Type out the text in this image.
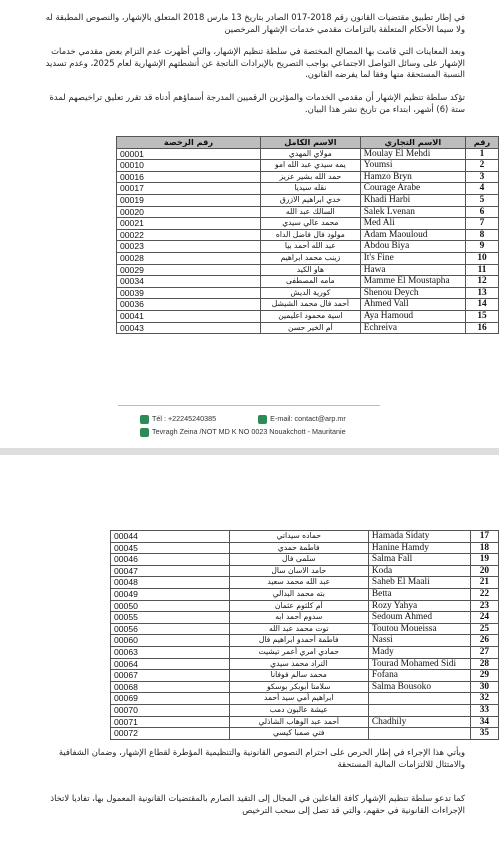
في إطار تطبيق مقتضيات القانون رقم 2018-017 الصادر بتاريخ 13 مارس 2018 المتعلق بالإشهار، والنصوص المطبقة له ولا سيما الأحكام المتعلقة بالتزامات مقدمي خدمات الإشهار المرخصين
وبعد المعاينات التي قامت بها المصالح المختصة في سلطة تنظيم الإشهار، والتي أظهرت عدم التزام بعض مقدمي خدمات الإشهار على وسائل التواصل الاجتماعي بواجب التصريح بالإيرادات الناتجة عن أنشطتهم الإشهارية لعام 2025، وعدم تسديد النسبة المستحقة منها وفقا لما يفرضه القانون.
تؤكد سلطة تنظيم الإشهار أن مقدمي الخدمات والمؤثرين الرقميين المدرجة أسماؤهم أدناه قد تقرر تعليق تراخيصهم لمدة ستة (6) أشهر، ابتداء من تاريخ نشر هذا البيان.
رقم الرخصة	الاسم الكامل	الاسم التجاري	رقم
00001	مولاي المهدي	Moulay El Mehdi	1
00010	يمه سيدي عبد الله امو	Youmsi	2
00016	حمد الله بشير عزيز	Hamzo Bryn	3
00017	نقله سيديا	Courage Arabe	4
00019	خدي ابراهيم الازرق	Khadi Harbi	5
00020	السالك عبد الله	Salek Lvenan	6
00021	محمد عالي سيدي	Med Ali	7
00022	مولود فال فاضل الداه	Adam Maouloud	8
00023	عبد الله أحمد بيا	Abdou Biya	9
00028	زينب محمد ابراهيم	It's Fine	10
00029	هاو الكيد	Hawa	11
00034	مامه المصطفى	Mamme El Moustapha	12
00039	كورية الديش	Shenou Deych	13
00036	أحمد فال محمد الشيشل	Ahmed Vall	14
00041	اسية محمود اعليمين	Aya Hamoud	15
00043	أم الخير حسن	Echreiva	16
Tél : +22245240385	E-mail: contact@arp.mr
Tevragh Zeina /NOT MD K NO 0023 Nouakchott - Mauritanie
00044	حماده سيداتي	Hamada Sidaty	17
00045	فاطمة حمدي	Hanine Hamdy	18
00046	سلمى فال	Salma Fall	19
00047	حامد الاسان سال	Koda	20
00048	عبد الله محمد سعيد	Saheb El Maali	21
00049	بته محمد البدالي	Betta	22
00050	أم كلثوم عثمان	Rozy Yahya	23
00055	سدوم أحمد ابه	Sedoum Ahmed	24
00056	توت محمد عبد الله	Toutou Moueissa	25
00060	فاطمة أحمدو ابراهيم فال	Nassi	26
00063	حمادي امري أعمر تيشيت	Mady	27
00064	التراد محمد سيدي	Tourad Mohamed Sidi	28
00067	محمد سالم فوفانا	Fofana	29
00068	سلامتا أبوبكر بوسكو	Salma Bousoko	30
00069	ابراهيم أمي سيد أحمد		32
00070	عيشة عالبون دمب		33
00071	أحمد عبد الوهاب الشاذلي	Chadhily	34
00072	فتي صمبا كيسي		35
ويأتي هذا الإجراء في إطار الحرص على احترام النصوص القانونية والتنظيمية المؤطرة لقطاع الإشهار، وضمان الشفافية والامتثال للالتزامات المالية المستحقة
كما تدعو سلطة تنظيم الإشهار كافة الفاعلين في المجال إلى التقيد الصارم بالمقتضيات القانونية المعمول بها، تفاديا لاتخاذ الإجراءات القانونية في حقهم، والتي قد تصل إلى سحب الترخيص
